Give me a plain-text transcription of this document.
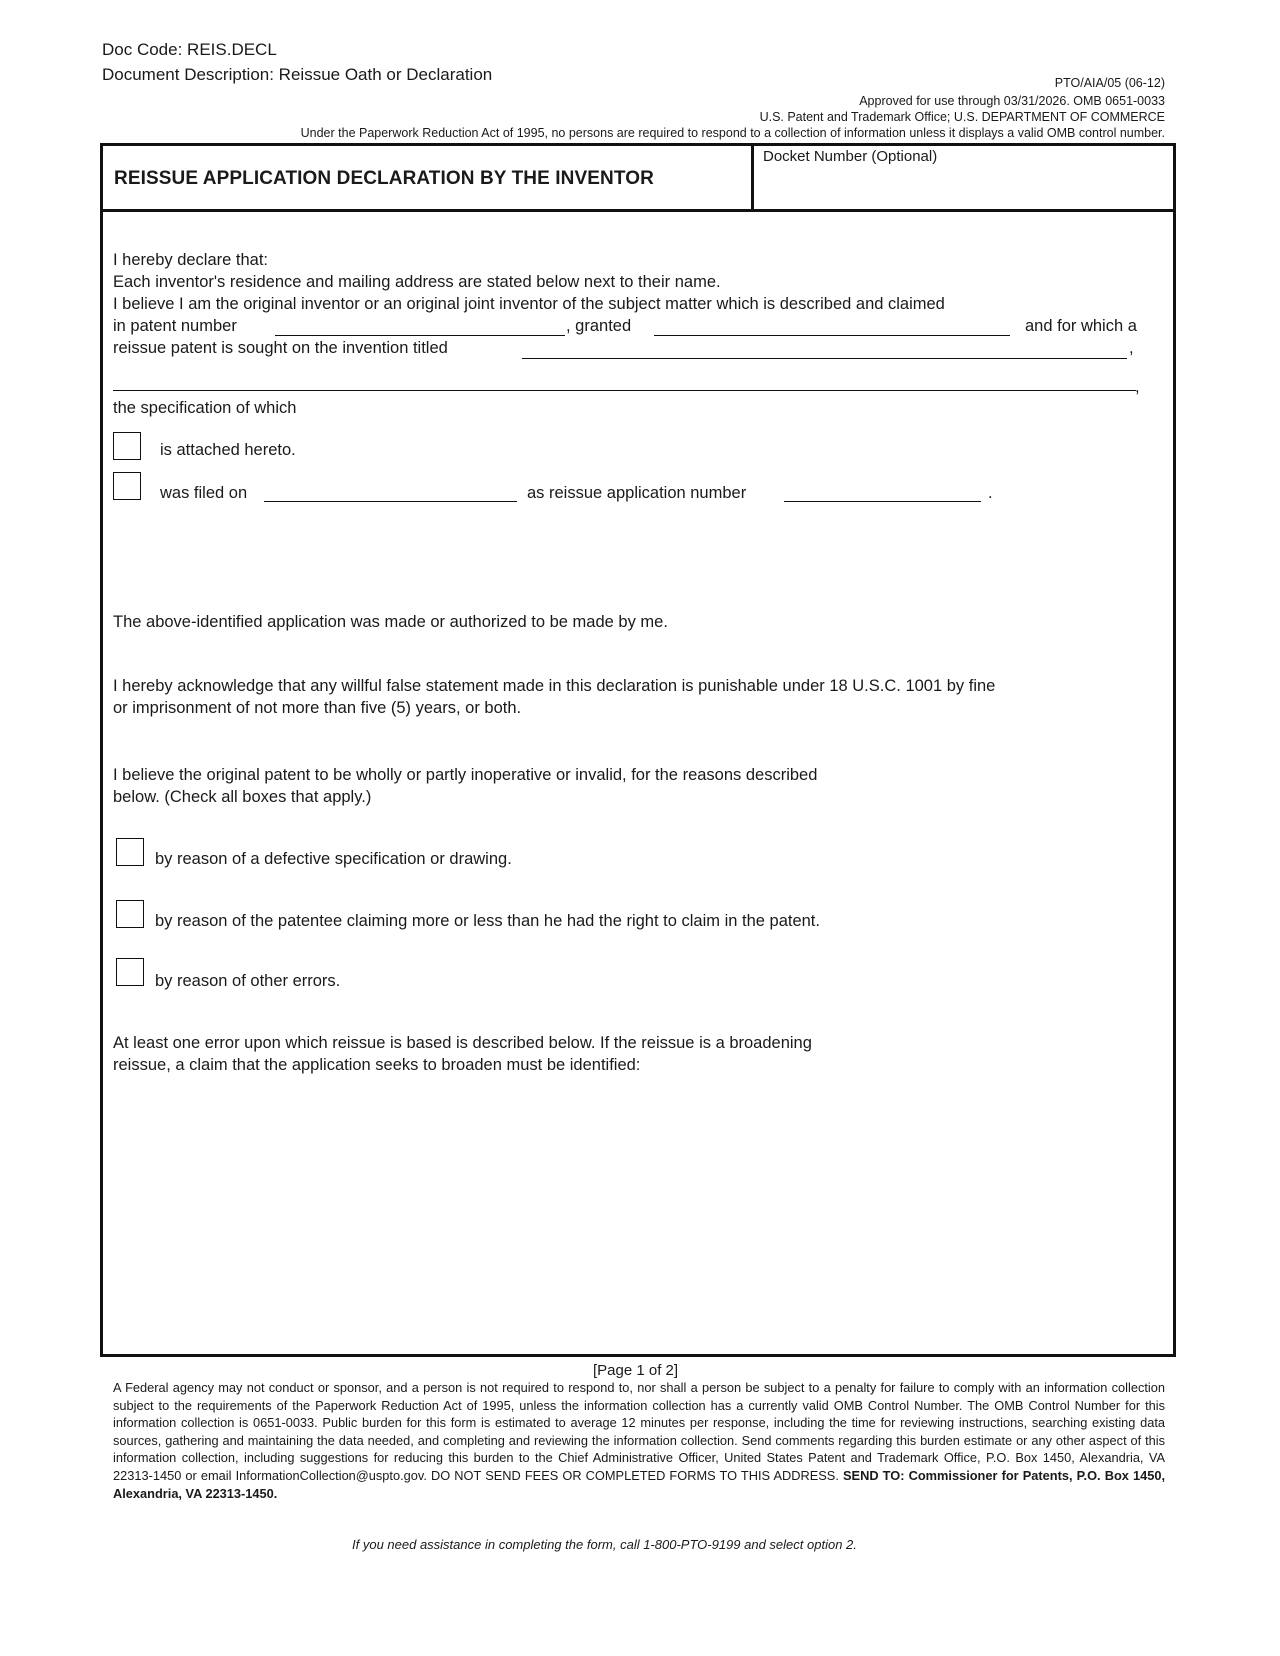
Doc Code: REIS.DECL
Document Description: Reissue Oath or Declaration	PTO/AIA/05 (06-12)
Approved for use through 03/31/2026. OMB 0651-0033
U.S. Patent and Trademark Office; U.S. DEPARTMENT OF COMMERCE
Under the Paperwork Reduction Act of 1995, no persons are required to respond to a collection of information unless it displays a valid OMB control number.
REISSUE APPLICATION DECLARATION BY THE INVENTOR
Docket Number (Optional)
I hereby declare that:
Each inventor's residence and mailing address are stated below next to their name.
I believe I am the original inventor or an original joint inventor of the subject matter which is described and claimed
in patent number	, granted	and for which a
reissue patent is sought on the invention titled	,
,
the specification of which
is attached hereto.
was filed on	as reissue application number	.
The above-identified application was made or authorized to be made by me.
I hereby acknowledge that any willful false statement made in this declaration is punishable under 18 U.S.C. 1001 by fine
or imprisonment of not more than five (5) years, or both.
I believe the original patent to be wholly or partly inoperative or invalid, for the reasons described
below. (Check all boxes that apply.)
by reason of a defective specification or drawing.
by reason of the patentee claiming more or less than he had the right to claim in the patent.
by reason of other errors.
At least one error upon which reissue is based is described below. If the reissue is a broadening
reissue, a claim that the application seeks to broaden must be identified:
[Page 1 of 2]
A Federal agency may not conduct or sponsor, and a person is not required to respond to, nor shall a person be subject to a penalty for failure to comply with an information collection subject to the requirements of the Paperwork Reduction Act of 1995, unless the information collection has a currently valid OMB Control Number. The OMB Control Number for this information collection is 0651-0033. Public burden for this form is estimated to average 12 minutes per response, including the time for reviewing instructions, searching existing data sources, gathering and maintaining the data needed, and completing and reviewing the information collection. Send comments regarding this burden estimate or any other aspect of this information collection, including suggestions for reducing this burden to the Chief Administrative Officer, United States Patent and Trademark Office, P.O. Box 1450, Alexandria, VA 22313-1450 or email InformationCollection@uspto.gov. DO NOT SEND FEES OR COMPLETED FORMS TO THIS ADDRESS. SEND TO: Commissioner for Patents, P.O. Box 1450, Alexandria, VA 22313-1450.
If you need assistance in completing the form, call 1-800-PTO-9199 and select option 2.
